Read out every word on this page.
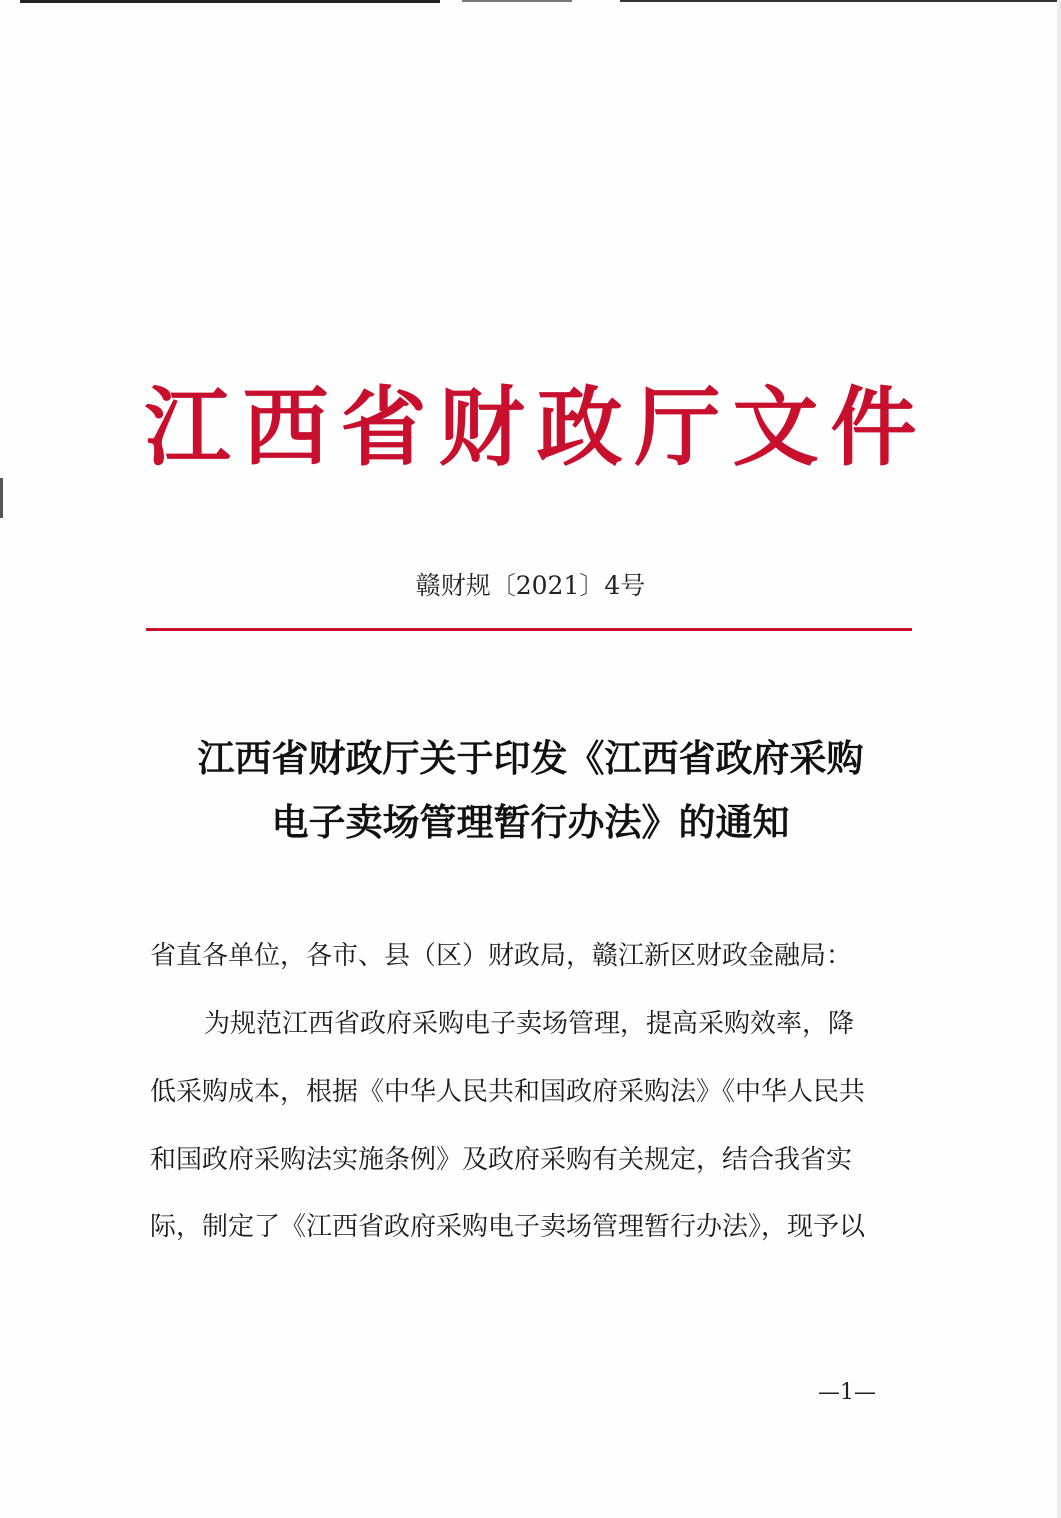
江西省财政厅文件
赣财规〔2021〕4号
江西省财政厅关于印发《江西省政府采购
电子卖场管理暂行办法》的通知
省直各单位，各市、县（区）财政局，赣江新区财政金融局：
为规范江西省政府采购电子卖场管理，提高采购效率，降
低采购成本，根据《中华人民共和国政府采购法》《中华人民共
和国政府采购法实施条例》及政府采购有关规定，结合我省实
际，制定了《江西省政府采购电子卖场管理暂行办法》，现予以
—1—
